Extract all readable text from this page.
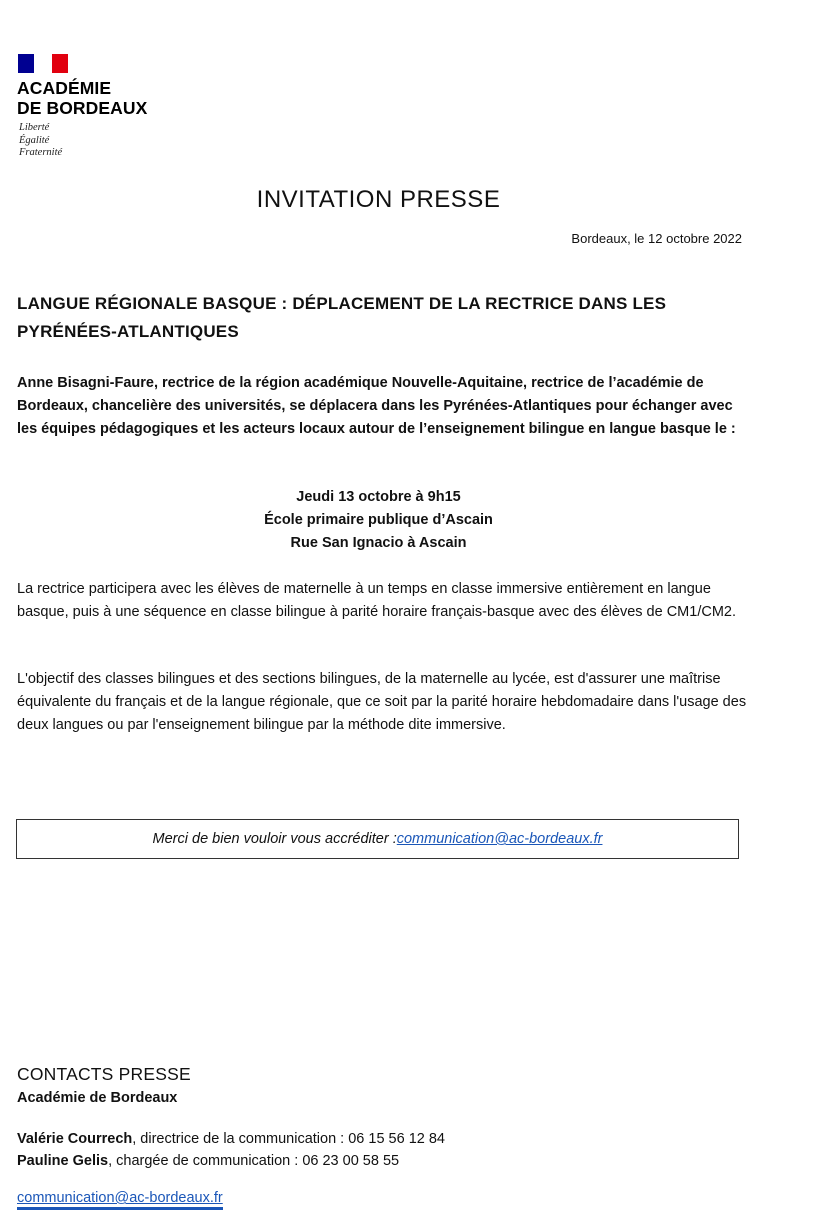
ACADÉMIE
DE BORDEAUX
Liberté
Égalité
Fraternité
INVITATION PRESSE
Bordeaux, le 12 octobre 2022
LANGUE RÉGIONALE BASQUE : DÉPLACEMENT DE LA RECTRICE DANS LES PYRÉNÉES-ATLANTIQUES
Anne Bisagni-Faure, rectrice de la région académique Nouvelle-Aquitaine, rectrice de l’académie de Bordeaux, chancelière des universités, se déplacera dans les Pyrénées-Atlantiques pour échanger avec les équipes pédagogiques et les acteurs locaux autour de l’enseignement bilingue en langue basque le :
Jeudi 13 octobre à 9h15
École primaire publique d’Ascain
Rue San Ignacio à Ascain
La rectrice participera avec les élèves de maternelle à un temps en classe immersive entièrement en langue basque, puis à une séquence en classe bilingue à parité horaire français-basque avec des élèves de CM1/CM2.
L'objectif des classes bilingues et des sections bilingues, de la maternelle au lycée, est d'assurer une maîtrise équivalente du français et de la langue régionale, que ce soit par la parité horaire hebdomadaire dans l'usage des deux langues ou par l'enseignement bilingue par la méthode dite immersive.
Merci de bien vouloir vous accréditer : communication@ac-bordeaux.fr
CONTACTS PRESSE
Académie de Bordeaux
Valérie Courrech, directrice de la communication : 06 15 56 12 84
Pauline Gelis, chargée de communication : 06 23 00 58 55
communication@ac-bordeaux.fr
